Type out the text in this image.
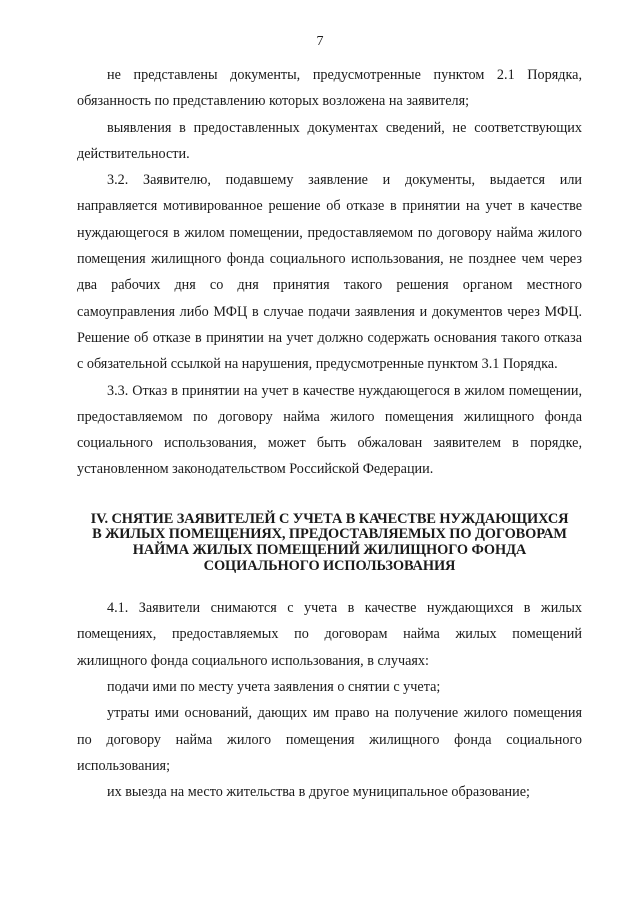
7

не представлены документы, предусмотренные пунктом 2.1 Порядка, обязанность по представлению которых возложена на заявителя;

выявления в предоставленных документах сведений, не соответствующих действительности.

3.2. Заявителю, подавшему заявление и документы, выдается или направляется мотивированное решение об отказе в принятии на учет в качестве нуждающегося в жилом помещении, предоставляемом по договору найма жилого помещения жилищного фонда социального использования, не позднее чем через два рабочих дня со дня принятия такого решения органом местного самоуправления либо МФЦ в случае подачи заявления и документов через МФЦ. Решение об отказе в принятии на учет должно содержать основания такого отказа с обязательной ссылкой на нарушения, предусмотренные пунктом 3.1 Порядка.

3.3. Отказ в принятии на учет в качестве нуждающегося в жилом помещении, предоставляемом по договору найма жилого помещения жилищного фонда социального использования, может быть обжалован заявителем в порядке, установленном законодательством Российской Федерации.

IV. СНЯТИЕ ЗАЯВИТЕЛЕЙ С УЧЕТА В КАЧЕСТВЕ НУЖДАЮЩИХСЯ
В ЖИЛЫХ ПОМЕЩЕНИЯХ, ПРЕДОСТАВЛЯЕМЫХ ПО ДОГОВОРАМ
НАЙМА ЖИЛЫХ ПОМЕЩЕНИЙ ЖИЛИЩНОГО ФОНДА
СОЦИАЛЬНОГО ИСПОЛЬЗОВАНИЯ

4.1. Заявители снимаются с учета в качестве нуждающихся в жилых помещениях, предоставляемых по договорам найма жилых помещений жилищного фонда социального использования, в случаях:

подачи ими по месту учета заявления о снятии с учета;

утраты ими оснований, дающих им право на получение жилого помещения по договору найма жилого помещения жилищного фонда социального использования;

их выезда на место жительства в другое муниципальное образование;
